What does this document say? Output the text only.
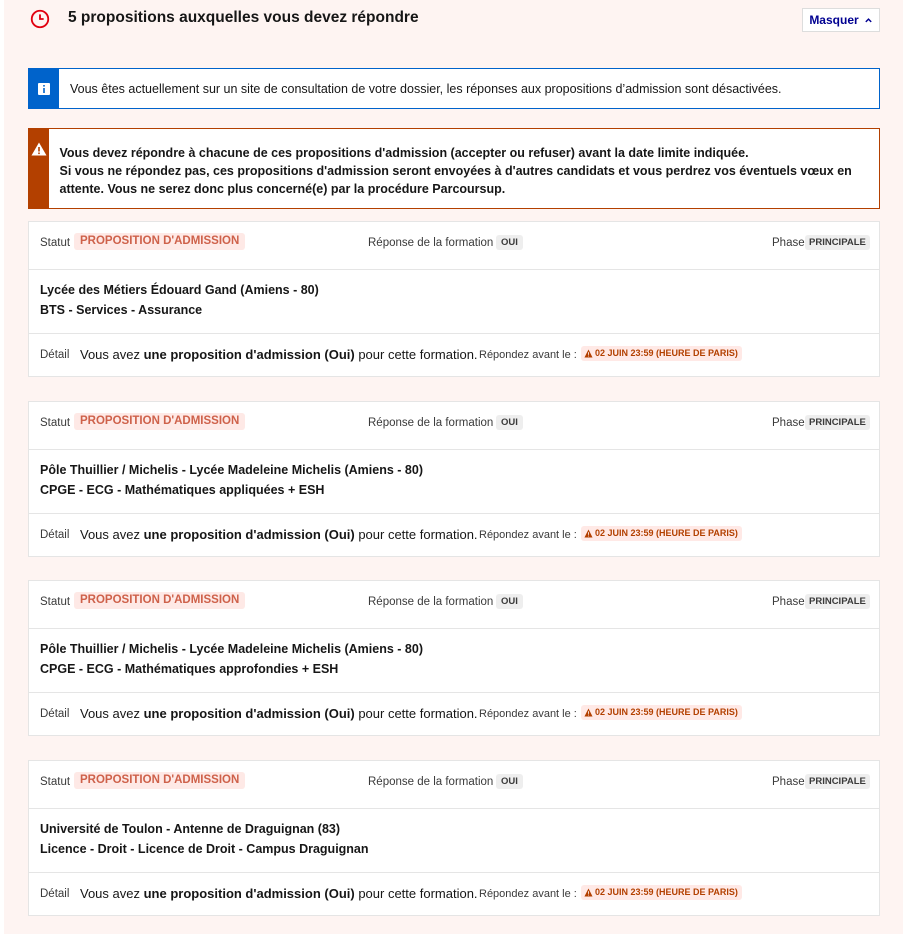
5 propositions auxquelles vous devez répondre	Masquer
Vous êtes actuellement sur un site de consultation de votre dossier, les réponses aux propositions d’admission sont désactivées.
Vous devez répondre à chacune de ces propositions d'admission (accepter ou refuser) avant la date limite indiquée.
Si vous ne répondez pas, ces propositions d'admission seront envoyées à d'autres candidats et vous perdrez vos éventuels vœux en attente. Vous ne serez donc plus concerné(e) par la procédure Parcoursup.
Statut PROPOSITION D'ADMISSION	Réponse de la formation OUI	Phase PRINCIPALE
Lycée des Métiers Édouard Gand (Amiens - 80)
BTS - Services - Assurance
Détail Vous avez une proposition d'admission (Oui) pour cette formation. Répondez avant le : 02 JUIN 23:59 (HEURE DE PARIS)
Statut PROPOSITION D'ADMISSION	Réponse de la formation OUI	Phase PRINCIPALE
Pôle Thuillier / Michelis - Lycée Madeleine Michelis (Amiens - 80)
CPGE - ECG - Mathématiques appliquées + ESH
Détail Vous avez une proposition d'admission (Oui) pour cette formation. Répondez avant le : 02 JUIN 23:59 (HEURE DE PARIS)
Statut PROPOSITION D'ADMISSION	Réponse de la formation OUI	Phase PRINCIPALE
Pôle Thuillier / Michelis - Lycée Madeleine Michelis (Amiens - 80)
CPGE - ECG - Mathématiques approfondies + ESH
Détail Vous avez une proposition d'admission (Oui) pour cette formation. Répondez avant le : 02 JUIN 23:59 (HEURE DE PARIS)
Statut PROPOSITION D'ADMISSION	Réponse de la formation OUI	Phase PRINCIPALE
Université de Toulon - Antenne de Draguignan (83)
Licence - Droit - Licence de Droit - Campus Draguignan
Détail Vous avez une proposition d'admission (Oui) pour cette formation. Répondez avant le : 02 JUIN 23:59 (HEURE DE PARIS)
